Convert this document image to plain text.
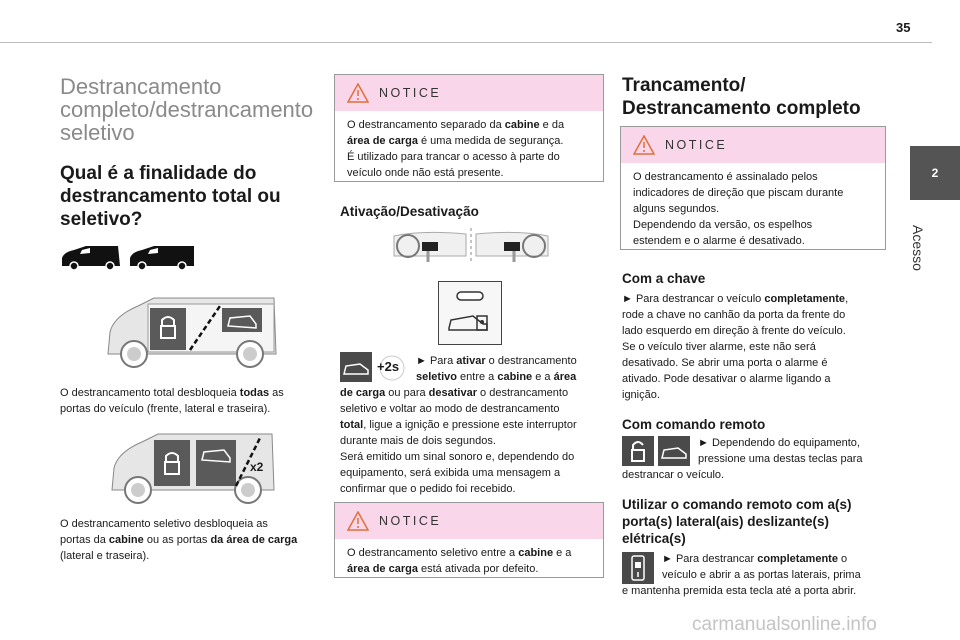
35
2
Acesso
Destrancamento
completo/destrancamento
seletivo
Qual é a finalidade do
destrancamento total ou
seletivo?
O destrancamento total desbloqueia todas as
portas do veículo (frente, lateral e traseira).
x2
O destrancamento seletivo desbloqueia as
portas da cabine ou as portas da área de carga
(lateral e traseira).
NOTICE
O destrancamento separado da cabine e da
área de carga é uma medida de segurança.
É utilizado para trancar o acesso à parte do
veículo onde não está presente.
Ativação/Desativação
+2s	► Para ativar o destrancamento
seletivo entre a cabine e a área
de carga ou para desativar o destrancamento
seletivo e voltar ao modo de destrancamento
total, ligue a ignição e pressione este interruptor
durante mais de dois segundos.
Será emitido um sinal sonoro e, dependendo do
equipamento, será exibida uma mensagem a
confirmar que o pedido foi recebido.
NOTICE
O destrancamento seletivo entre a cabine e a
área de carga está ativada por defeito.
Trancamento/
Destrancamento completo
NOTICE
O destrancamento é assinalado pelos
indicadores de direção que piscam durante
alguns segundos.
Dependendo da versão, os espelhos
estendem e o alarme é desativado.
Com a chave
► Para destrancar o veículo completamente,
rode a chave no canhão da porta da frente do
lado esquerdo em direção à frente do veículo.
Se o veículo tiver alarme, este não será
desativado. Se abrir uma porta o alarme é
ativado. Pode desativar o alarme ligando a
ignição.
Com comando remoto
► Dependendo do equipamento,
pressione uma destas teclas para
destrancar o veículo.
Utilizar o comando remoto com a(s)
porta(s) lateral(ais) deslizante(s)
elétrica(s)
► Para destrancar completamente o
veículo e abrir a as portas laterais, prima
e mantenha premida esta tecla até a porta abrir.
carmanualsonline.info
